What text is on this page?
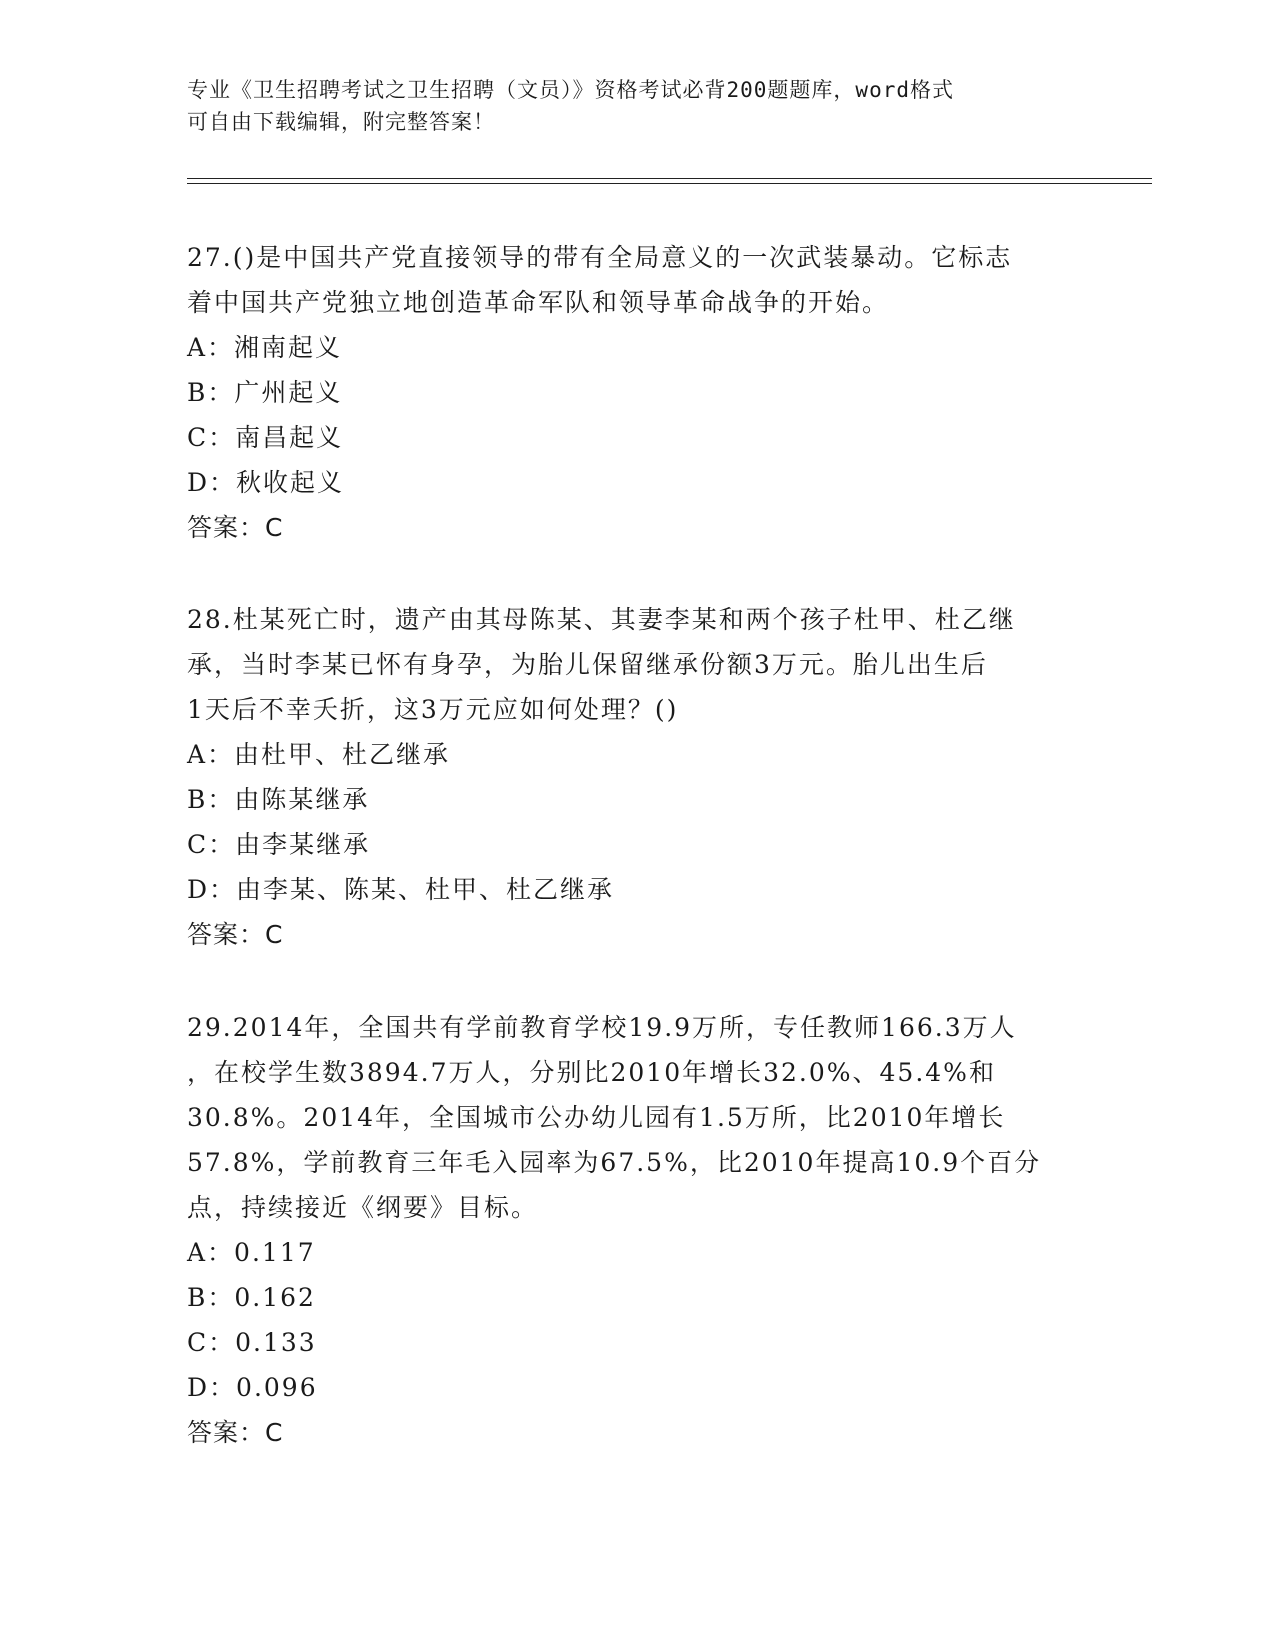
专业《卫生招聘考试之卫生招聘（文员）》资格考试必背200题题库，word格式
可自由下载编辑，附完整答案！
27.()是中国共产党直接领导的带有全局意义的一次武装暴动。它标志
着中国共产党独立地创造革命军队和领导革命战争的开始。
A：湘南起义
B：广州起义
C：南昌起义
D：秋收起义
答案：C
28.杜某死亡时，遗产由其母陈某、其妻李某和两个孩子杜甲、杜乙继
承，当时李某已怀有身孕，为胎儿保留继承份额3万元。胎儿出生后
1天后不幸夭折，这3万元应如何处理？()
A：由杜甲、杜乙继承
B：由陈某继承
C：由李某继承
D：由李某、陈某、杜甲、杜乙继承
答案：C
29.2014年，全国共有学前教育学校19.9万所，专任教师166.3万人
，在校学生数3894.7万人，分别比2010年增长32.0%、45.4%和
30.8%。2014年，全国城市公办幼儿园有1.5万所，比2010年增长
57.8%，学前教育三年毛入园率为67.5%，比2010年提高10.9个百分
点，持续接近《纲要》目标。
A：0.117
B：0.162
C：0.133
D：0.096
答案：C
